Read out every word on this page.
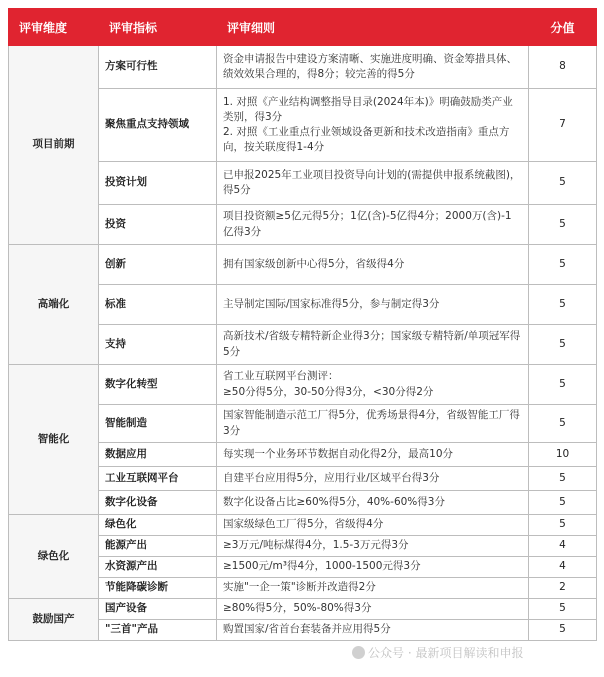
评审维度	评审指标	评审细则	分值
项目前期	方案可行性	资金申请报告中建设方案清晰、实施进度明确、资金筹措具体、绩效效果合理的，得8分；较完善的得5分	8
	聚焦重点支持领域	1. 对照《产业结构调整指导目录(2024年本)》明确鼓励类产业类别，得3分
2. 对照《工业重点行业领域设备更新和技术改造指南》重点方向，按关联度得1-4分	7
	投资计划	已申报2025年工业项目投资导向计划的(需提供申报系统截图)，得5分	5
	投资	项目投资额≥5亿元得5分；1亿(含)-5亿得4分；2000万(含)-1亿得3分	5
高端化	创新	拥有国家级创新中心得5分，省级得4分	5
	标准	主导制定国际/国家标准得5分，参与制定得3分	5
	支持	高新技术/省级专精特新企业得3分；国家级专精特新/单项冠军得5分	5
智能化	数字化转型	省工业互联网平台测评：
≥50分得5分，30-50分得3分，<30分得2分	5
	智能制造	国家智能制造示范工厂得5分，优秀场景得4分，省级智能工厂得3分	5
	数据应用	每实现一个业务环节数据自动化得2分，最高10分	10
	工业互联网平台	自建平台应用得5分，应用行业/区域平台得3分	5
	数字化设备	数字化设备占比≥60%得5分，40%-60%得3分	5
绿色化	绿色化	国家级绿色工厂得5分，省级得4分	5
	能源产出	≥3万元/吨标煤得4分，1.5-3万元得3分	4
	水资源产出	≥1500元/m³得4分，1000-1500元得3分	4
	节能降碳诊断	实施"一企一策"诊断并改造得2分	2
鼓励国产	国产设备	≥80%得5分，50%-80%得3分	5
	"三首"产品	购置国家/省首台套装备并应用得5分	5
公众号 · 最新项目解读和申报
